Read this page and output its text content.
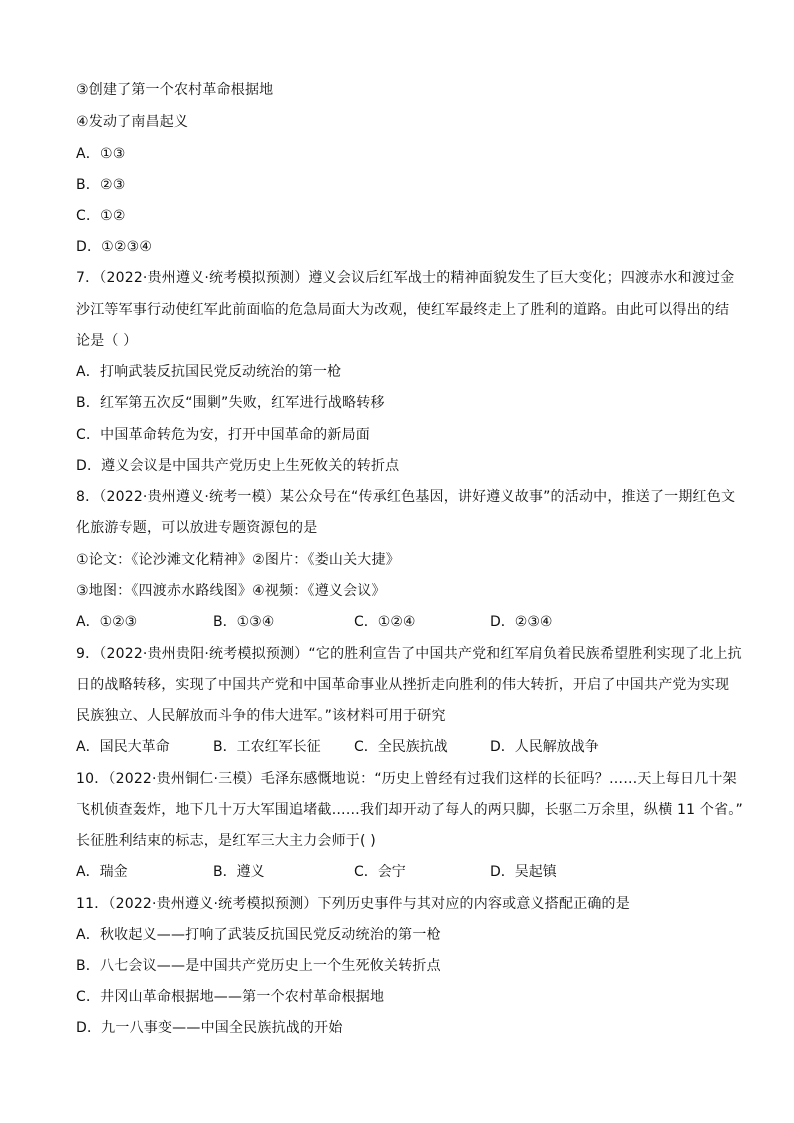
③创建了第一个农村革命根据地
④发动了南昌起义
A．①③
B．②③
C．①②
D．①②③④
7．（2022·贵州遵义·统考模拟预测）遵义会议后红军战士的精神面貌发生了巨大变化；四渡赤水和渡过金
沙江等军事行动使红军此前面临的危急局面大为改观，使红军最终走上了胜利的道路。由此可以得出的结
论是（ ）
A．打响武装反抗国民党反动统治的第一枪
B．红军第五次反“围剿”失败，红军进行战略转移
C．中国革命转危为安，打开中国革命的新局面
D．遵义会议是中国共产党历史上生死攸关的转折点
8．（2022·贵州遵义·统考一模）某公众号在“传承红色基因，讲好遵义故事”的活动中，推送了一期红色文
化旅游专题，可以放进专题资源包的是
①论文：《论沙滩文化精神》②图片：《娄山关大捷》
③地图：《四渡赤水路线图》④视频：《遵义会议》
A．①②③	B．①③④	C．①②④	D．②③④
9．（2022·贵州贵阳·统考模拟预测）“它的胜利宣告了中国共产党和红军肩负着民族希望胜利实现了北上抗
日的战略转移，实现了中国共产党和中国革命事业从挫折走向胜利的伟大转折，开启了中国共产党为实现
民族独立、人民解放而斗争的伟大进军。”该材料可用于研究
A．国民大革命	B．工农红军长征 C．全民族抗战	D．人民解放战争
10．（2022·贵州铜仁·三模）毛泽东感慨地说：“历史上曾经有过我们这样的长征吗？……天上每日几十架
飞机侦查轰炸，地下几十万大军围追堵截……我们却开动了每人的两只脚，长驱二万余里，纵横 11 个省。”
长征胜利结束的标志，是红军三大主力会师于( )
A．瑞金	B．遵义	C．会宁	D．吴起镇
11．（2022·贵州遵义·统考模拟预测）下列历史事件与其对应的内容或意义搭配正确的是
A．秋收起义——打响了武装反抗国民党反动统治的第一枪
B．八七会议——是中国共产党历史上一个生死攸关转折点
C．井冈山革命根据地——第一个农村革命根据地
D．九一八事变——中国全民族抗战的开始
